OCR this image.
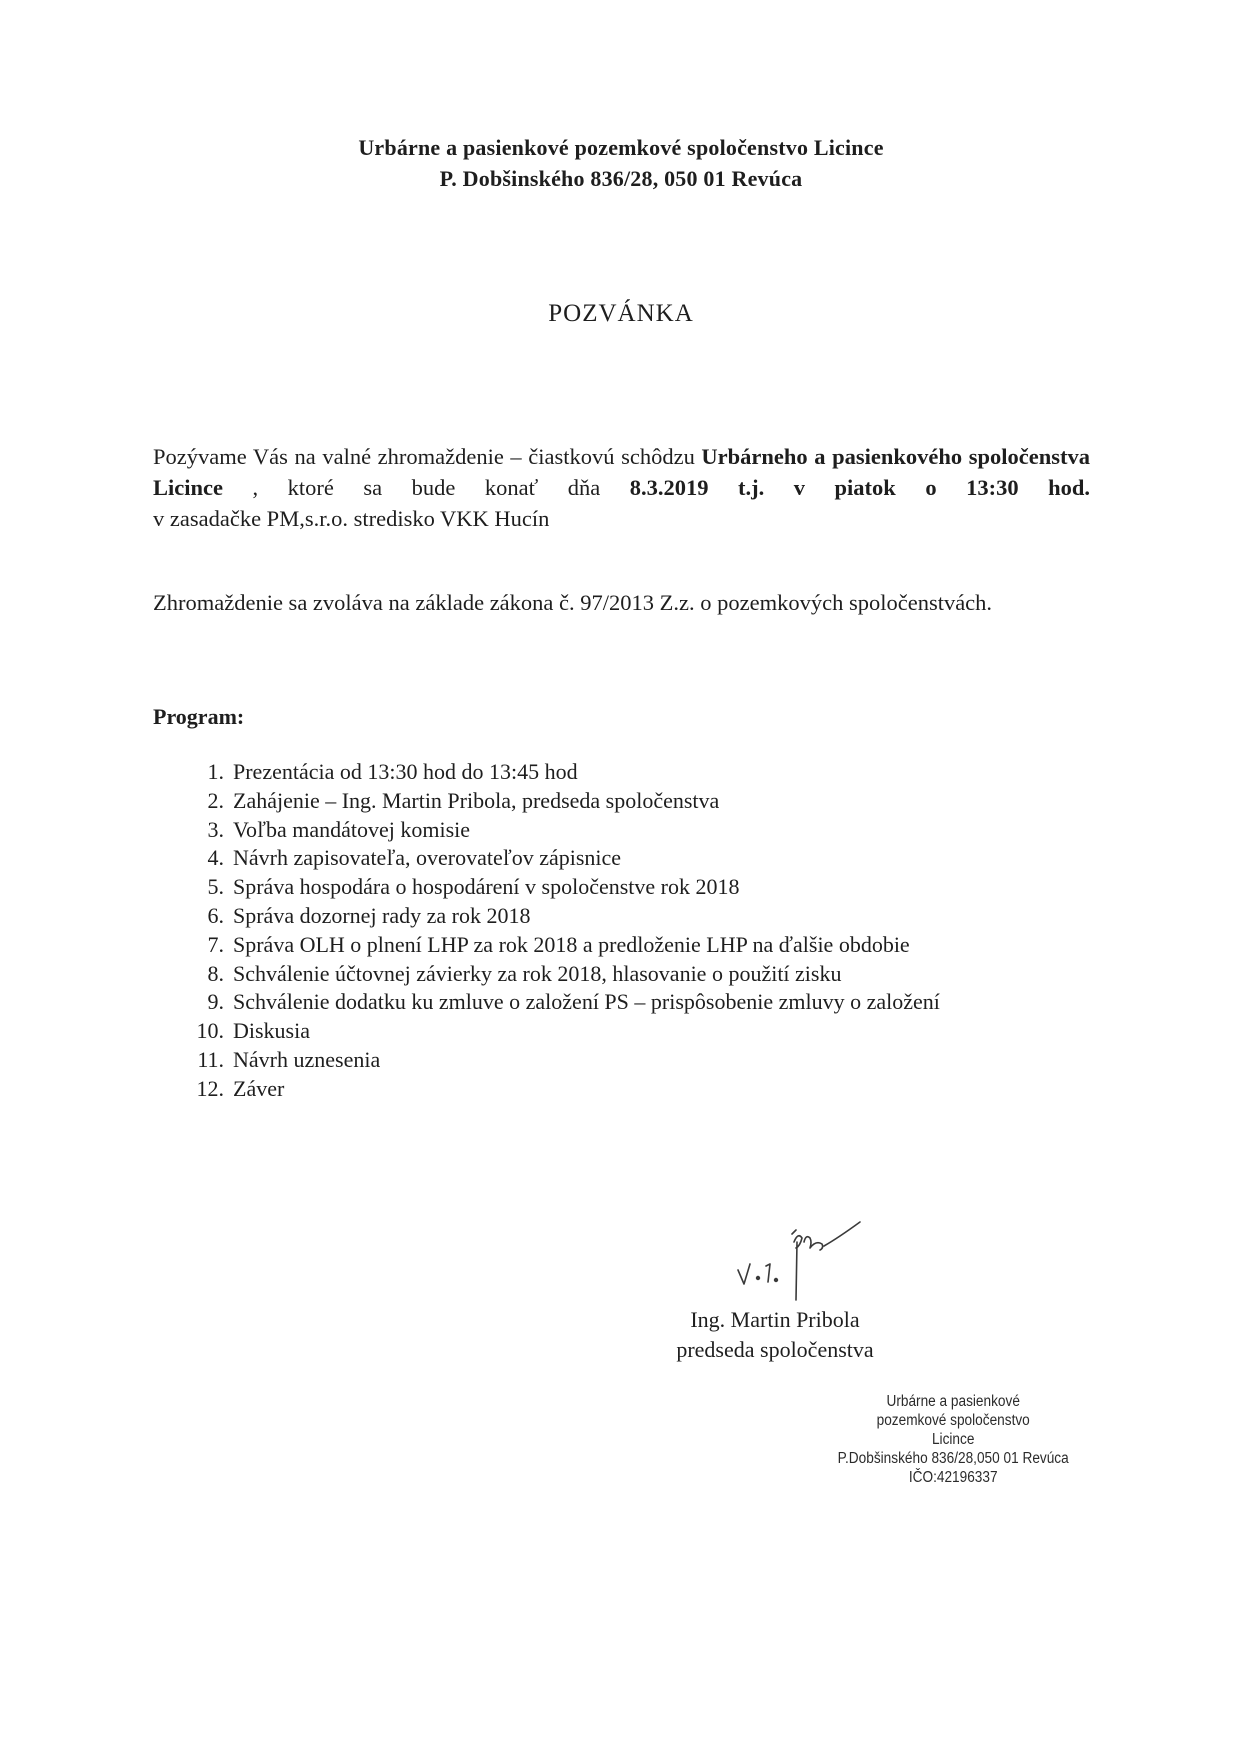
Urbárne a pasienkové pozemkové spoločenstvo Licince
P. Dobšinského 836/28, 050 01 Revúca
POZVÁNKA
Pozývame Vás na valné zhromaždenie – čiastkovú schôdzu Urbárneho a pasienkového spoločenstva Licince , ktoré sa bude konať dňa 8.3.2019 t.j. v piatok o 13:30 hod.
v zasadačke PM,s.r.o. stredisko VKK Hucín
Zhromaždenie sa zvoláva na základe zákona č. 97/2013 Z.z. o pozemkových spoločenstvách.
Program:
1. Prezentácia od 13:30 hod do 13:45 hod
2. Zahájenie – Ing. Martin Pribola, predseda spoločenstva
3. Voľba mandátovej komisie
4. Návrh zapisovateľa, overovateľov zápisnice
5. Správa hospodára o hospodárení v spoločenstve rok 2018
6. Správa dozornej rady za rok 2018
7. Správa OLH o plnení LHP za rok 2018 a predloženie LHP na ďalšie obdobie
8. Schválenie účtovnej závierky za rok 2018, hlasovanie o použití zisku
9. Schválenie dodatku ku zmluve o založení PS – prispôsobenie zmluvy o založení
10. Diskusia
11. Návrh uznesenia
12. Záver
Ing. Martin Pribola
predseda spoločenstva
Urbárne a pasienkové
pozemkové spoločenstvo
Licince
P.Dobšinského 836/28,050 01 Revúca
IČO:42196337
